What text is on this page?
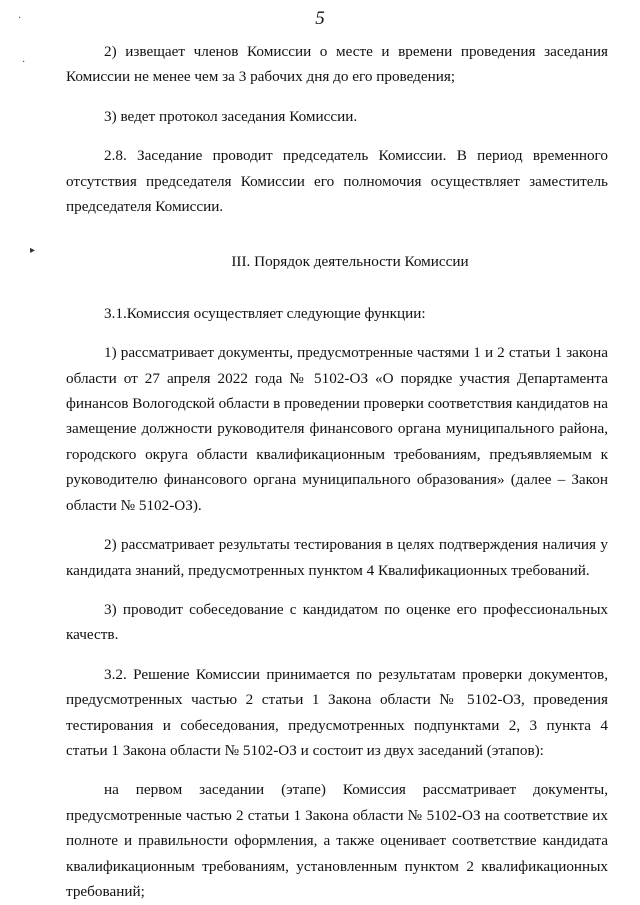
5
·
·
▸

2) извещает членов Комиссии о месте и времени проведения заседания Комиссии не менее чем за 3 рабочих дня до его проведения;

3) ведет протокол заседания Комиссии.

2.8. Заседание проводит председатель Комиссии. В период временного отсутствия председателя Комиссии его полномочия осуществляет заместитель председателя Комиссии.

III. Порядок деятельности Комиссии

3.1.Комиссия осуществляет следующие функции:

1) рассматривает документы, предусмотренные частями 1 и 2 статьи 1 закона области от 27 апреля 2022 года № 5102-ОЗ «О порядке участия Департамента финансов Вологодской области в проведении проверки соответствия кандидатов на замещение должности руководителя финансового органа муниципального района, городского округа области квалификационным требованиям, предъявляемым к руководителю финансового органа муниципального образования» (далее – Закон области № 5102-ОЗ).

2) рассматривает результаты тестирования в целях подтверждения наличия у кандидата знаний, предусмотренных пунктом 4 Квалификационных требований.

3) проводит собеседование с кандидатом по оценке его профессиональных качеств.

3.2. Решение Комиссии принимается по результатам проверки документов, предусмотренных частью 2 статьи 1 Закона области № 5102-ОЗ, проведения тестирования и собеседования, предусмотренных подпунктами 2, 3 пункта 4 статьи 1 Закона области № 5102-ОЗ и состоит из двух заседаний (этапов):

на первом заседании (этапе) Комиссия рассматривает документы, предусмотренные частью 2 статьи 1 Закона области № 5102-ОЗ на соответствие их полноте и правильности оформления, а также оценивает соответствие кандидата квалификационным требованиям, установленным пунктом 2 квалификационных требований;
